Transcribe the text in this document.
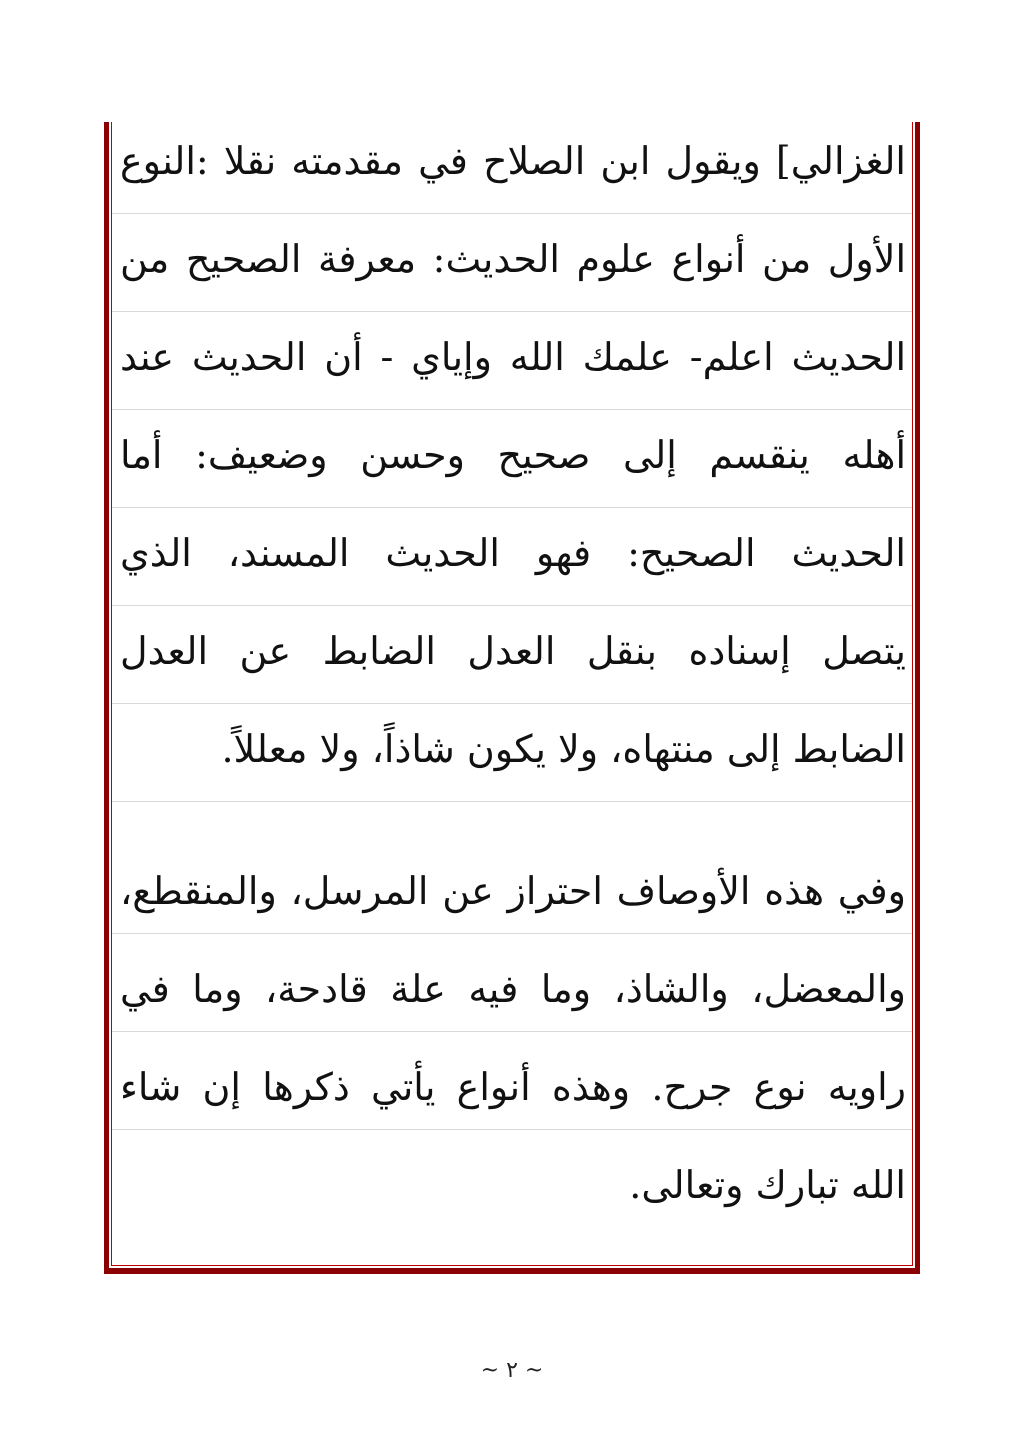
الغزالي] ويقول ابن الصلاح في مقدمته نقلا :النوع
الأول من أنواع علوم الحديث: معرفة الصحيح من
الحديث اعلم- علمك الله وإياي - أن الحديث عند
أهله ينقسم إلى صحيح وحسن وضعيف: أما
الحديث الصحيح: فهو الحديث المسند، الذي
يتصل إسناده بنقل العدل الضابط عن العدل
الضابط إلى منتهاه، ولا يكون شاذاً، ولا معللاً.
وفي هذه الأوصاف احتراز عن المرسل، والمنقطع،
والمعضل، والشاذ، وما فيه علة قادحة، وما في
راويه نوع جرح. وهذه أنواع يأتي ذكرها إن شاء
الله تبارك وتعالى.
~ ٢ ~
